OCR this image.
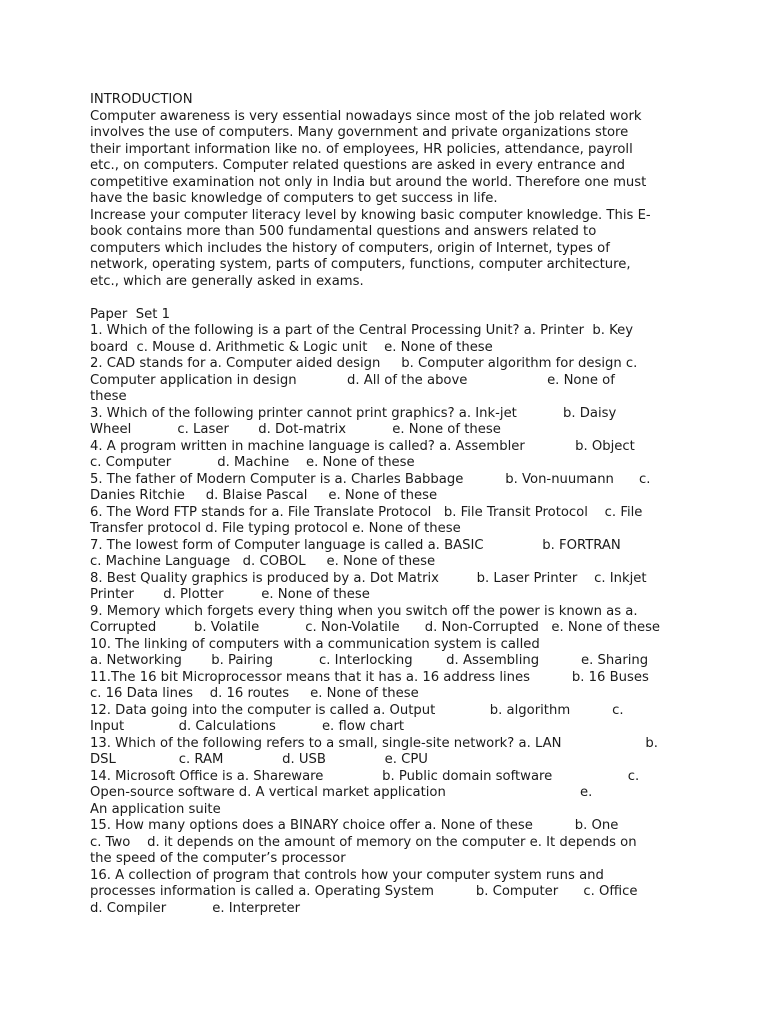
INTRODUCTION
Computer awareness is very essential nowadays since most of the job related work
involves the use of computers. Many government and private organizations store
their important information like no. of employees, HR policies, attendance, payroll
etc., on computers. Computer related questions are asked in every entrance and
competitive examination not only in India but around the world. Therefore one must
have the basic knowledge of computers to get success in life.
Increase your computer literacy level by knowing basic computer knowledge. This E-
book contains more than 500 fundamental questions and answers related to
computers which includes the history of computers, origin of Internet, types of
network, operating system, parts of computers, functions, computer architecture,
etc., which are generally asked in exams.
Paper  Set 1
1. Which of the following is a part of the Central Processing Unit? a. Printer  b. Key
board  c. Mouse d. Arithmetic & Logic unit    e. None of these
2. CAD stands for a. Computer aided design     b. Computer algorithm for design c.
Computer application in design            d. All of the above                   e. None of
these
3. Which of the following printer cannot print graphics? a. Ink-jet           b. Daisy
Wheel           c. Laser       d. Dot-matrix           e. None of these
4. A program written in machine language is called? a. Assembler            b. Object
c. Computer           d. Machine    e. None of these
5. The father of Modern Computer is a. Charles Babbage          b. Von-nuumann      c.
Danies Ritchie     d. Blaise Pascal     e. None of these
6. The Word FTP stands for a. File Translate Protocol   b. File Transit Protocol    c. File
Transfer protocol d. File typing protocol e. None of these
7. The lowest form of Computer language is called a. BASIC              b. FORTRAN
c. Machine Language   d. COBOL     e. None of these
8. Best Quality graphics is produced by a. Dot Matrix         b. Laser Printer    c. Inkjet
Printer       d. Plotter         e. None of these
9. Memory which forgets every thing when you switch off the power is known as a.
Corrupted         b. Volatile           c. Non-Volatile      d. Non-Corrupted   e. None of these
10. The linking of computers with a communication system is called
a. Networking       b. Pairing           c. Interlocking        d. Assembling          e. Sharing
11.The 16 bit Microprocessor means that it has a. 16 address lines          b. 16 Buses
c. 16 Data lines    d. 16 routes     e. None of these
12. Data going into the computer is called a. Output             b. algorithm          c.
Input             d. Calculations           e. flow chart
13. Which of the following refers to a small, single-site network? a. LAN                    b.
DSL               c. RAM              d. USB              e. CPU
14. Microsoft Office is a. Shareware              b. Public domain software                  c.
Open-source software d. A vertical market application                                e.
An application suite
15. How many options does a BINARY choice offer a. None of these          b. One
c. Two    d. it depends on the amount of memory on the computer e. It depends on
the speed of the computer’s processor
16. A collection of program that controls how your computer system runs and
processes information is called a. Operating System          b. Computer      c. Office
d. Compiler           e. Interpreter
